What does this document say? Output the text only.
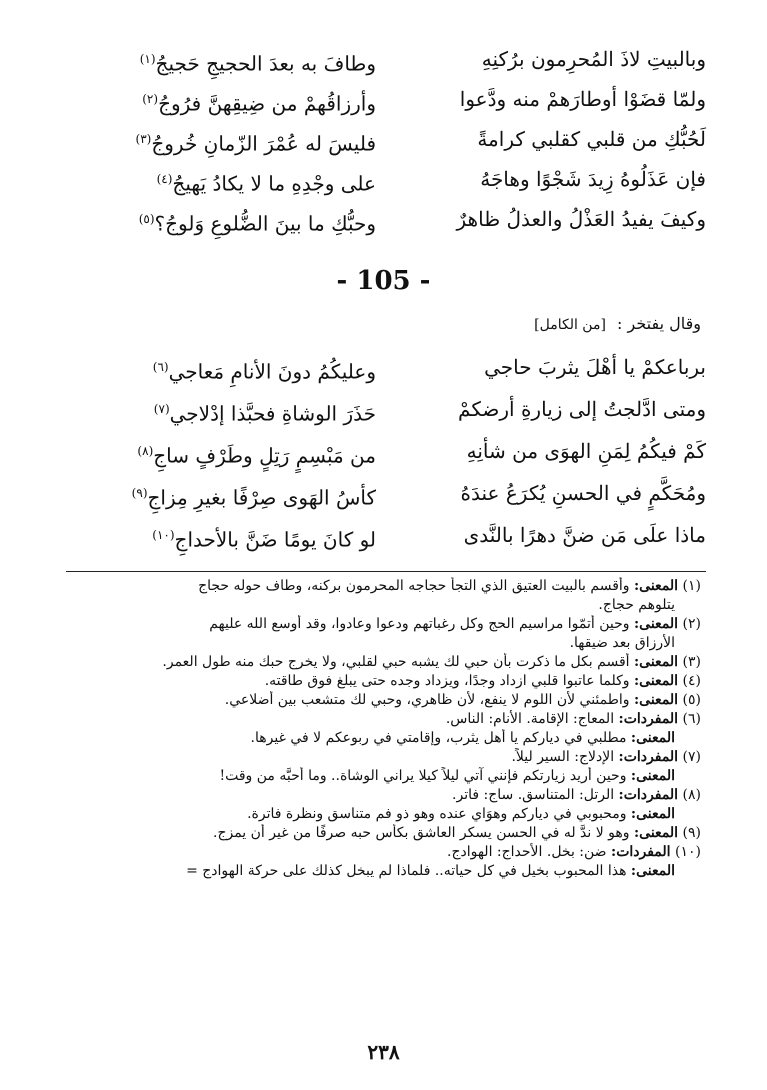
وبالبيتِ لاذَ المُحرِمون برُكنِهِ
وطافَ به بعدَ الحجيجِ حَجيجُ$^{(١)}$
ولمّا قضَوْا أوطارَهمْ منه ودَّعوا
وأرزاقُهمْ من ضِيقِهنَّ فرُوجُ$^{(٢)}$
لَحُبُّكِ من قلبي كقلبي كرامةً
فليسَ له عُمْرَ الزّمانِ خُروجُ$^{(٣)}$
فإن عَذَلُوهُ زِيدَ شَجْوًا وهاجَهُ
على وجْدِهِ ما لا يكادُ يَهيجُ$^{(٤)}$
وكيفَ يفيدُ العَذْلُ والعذلُ ظاهرٌ
وحبُّكِ ما بينَ الضُّلوعِ وَلوجُ؟$^{(٥)}$
- 105 -
وقال يفتخر : [من الكامل]
برباعكمْ يا أهْلَ يثربَ حاجي
وعليكُمُ دونَ الأنامِ مَعاجي$^{(٦)}$
ومتى ادَّلجتُ إلى زيارةِ أرضكمْ
حَذَرَ الوشاةِ فحبَّذا إدْلاجي$^{(٧)}$
كَمْ فيكُمُ لِمَنِ الهوَى من شأنِهِ
من مَبْسِمٍ رَتِلٍ وطَرْفٍ ساجِ$^{(٨)}$
ومُحَكَّمٍ في الحسنِ يُكرَعُ عندَهُ
كأسُ الهَوى صِرْفًا بغيرِ مِزاجِ$^{(٩)}$
ماذا علَى مَن ضنَّ دهرًا بالنَّدى
لو كانَ يومًا ضَنَّ بالأحداجِ$^{(١٠)}$
(١) المعنى: وأقسم بالبيت العتيق الذي التجأ حجاجه المحرمون بركنه، وطاف حوله حجاج
يتلوهم حجاج.
(٢) المعنى: وحين أتمّوا مراسيم الحج وكل رغباتهم ودعوا وعادوا، وقد أوسع الله عليهم
الأرزاق بعد ضيقها.
(٣) المعنى: أقسم بكل ما ذكرت بأن حبي لك يشبه حبي لقلبي، ولا يخرج حبك منه طول العمر.
(٤) المعنى: وكلما عاتبوا قلبي ازداد وجدًا، ويزداد وجده حتى يبلغ فوق طاقته.
(٥) المعنى: واطمئني لأن اللوم لا ينفع، لأن ظاهري، وحبي لك متشعب بين أضلاعي.
(٦) المفردات: المعاج: الإقامة. الأنام: الناس.
المعنى: مطلبي في دياركم يا أهل يثرب، وإقامتي في ربوعكم لا في غيرها.
(٧) المفردات: الإدلاج: السير ليلاً.
المعنى: وحين أريد زيارتكم فإنني آتي ليلاً كيلا يراني الوشاة.. وما أحبَّه من وقت!
(٨) المفردات: الرتل: المتناسق. ساج: فاتر.
المعنى: ومحبوبي في دياركم وهوَاي عنده وهو ذو فم متناسق ونظرة فاترة.
(٩) المعنى: وهو لا ندَّ له في الحسن يسكر العاشق بكأس حبه صرفًا من غير أن يمزج.
(١٠) المفردات: ضن: بخل. الأحداج: الهوادج.
المعنى: هذا المحبوب بخيل في كل حياته.. فلماذا لم يبخل كذلك على حركة الهوادج =
٢٣٨
